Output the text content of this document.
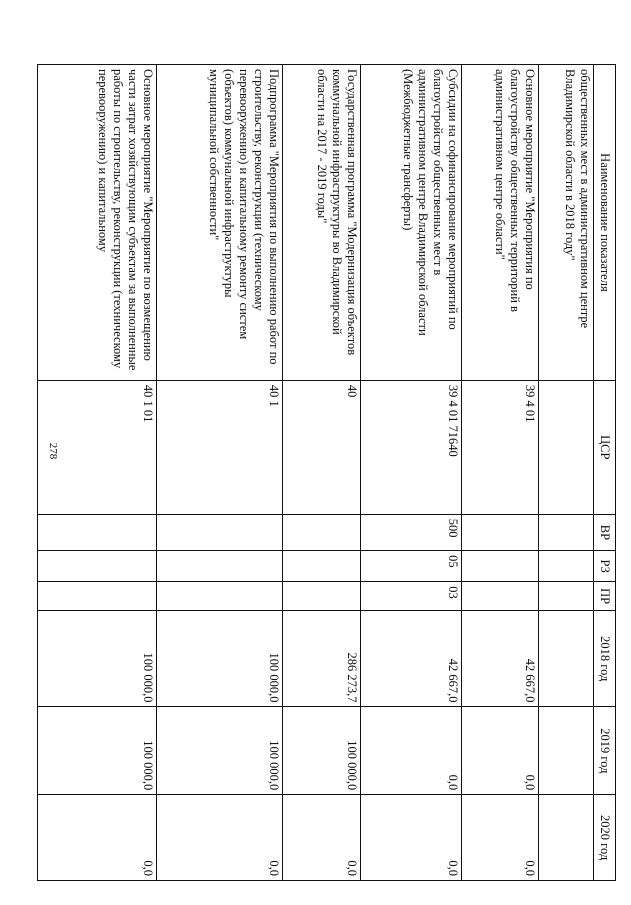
278
Наименование показателя	ЦСР	ВР	РЗ	ПР	2018 год	2019 год	2020 год
общественных мест в административном центре Владимирской области в 2018 году"							
Основное мероприятие "Мероприятия по благоустройству общественных территорий в административном центре области"	39 4 01				42 667,0	0,0	0,0
Субсидии на софинансирование мероприятий по благоустройству общественных мест в административном центре Владимирской области (Межбюджетные трансферты)	39 4 01 71640	500	05	03	42 667,0	0,0	0,0
Государственная программа "Модернизация объектов коммунальной инфраструктуры во Владимирской области на 2017 - 2019 годы"	40				286 273,7	100 000,0	0,0
Подпрограмма "Мероприятия по выполнению работ по строительству, реконструкции (техническому перевооружению) и капитальному ремонту систем (объектов) коммунальной инфраструктуры муниципальной собственности"	40 1				100 000,0	100 000,0	0,0
Основное мероприятие "Мероприятие по возмещению части затрат хозяйствующим субъектам за выполненные работы по строительству, реконструкции (техническому перевооружению) и капитальному	40 1 01				100 000,0	100 000,0	0,0
